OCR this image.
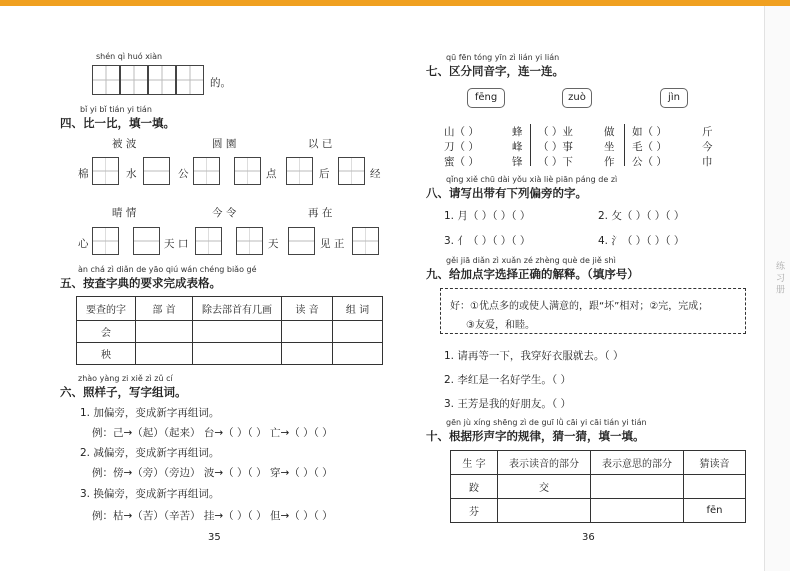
练 习 册
shén qì huó xiàn
的。
bǐ yi bǐ tián yi tián
四、比一比，填一填。
被 波	圆 園	以 已
棉	水	公	点	后	经
晴 情	今 令	再 在
心	天 口	天	见 正
àn chá zì diǎn de yāo qiú wán chéng biǎo gé
五、按查字典的要求完成表格。
要查的字	部 首	除去部首有几画	读 音	组 词
会				
秧				
zhào yàng zi xiě zì zǔ cí
六、照样子，写字组词。
1. 加偏旁，变成新字再组词。
例：己→（起）（起来） 台→（ ）（ ） 亡→（ ）（ ）
2. 减偏旁，变成新字再组词。
例：傍→（旁）（旁边） 波→（ ）（ ） 穿→（ ）（ ）
3. 换偏旁，变成新字再组词。
例：枯→（苦）（辛苦） 挂→（ ）（ ） 但→（ ）（ ）
35
qū fēn tóng yīn zì lián yi lián
七、区分同音字，连一连。
fēng	zuò	jìn
山（ ）
刀（ ）
蜜（ ）
蜂
峰
锋
（ ）业
（ ）事
（ ）下
做
坐
作
如（ ）
毛（ ）
公（ ）
斤
今
巾
qǐng xiě chū dài yǒu xià liè piān páng de zì
八、请写出带有下列偏旁的字。
1. 月（ ）（ ）（ ）	2. 攵（ ）（ ）（ ）
3. 亻（ ）（ ）（ ）	4. 氵（ ）（ ）（ ）
gěi jiā diǎn zì xuǎn zé zhèng què de jiě shì
九、给加点字选择正确的解释。（填序号）
好：①优点多的或使人满意的，跟“坏”相对；②完，完成；
③友爱，和睦。
1. 请再等一下，我穿好衣服就去。（ ）
2. 李红是一名好学生。（ ）
3. 王芳是我的好朋友。（ ）
gēn jù xíng shēng zì de guī lǜ cāi yi cāi tián yi tián
十、根据形声字的规律，猜一猜，填一填。
生 字	表示读音的部分	表示意思的部分	猜读音
跤	交		
芬			fēn
36
